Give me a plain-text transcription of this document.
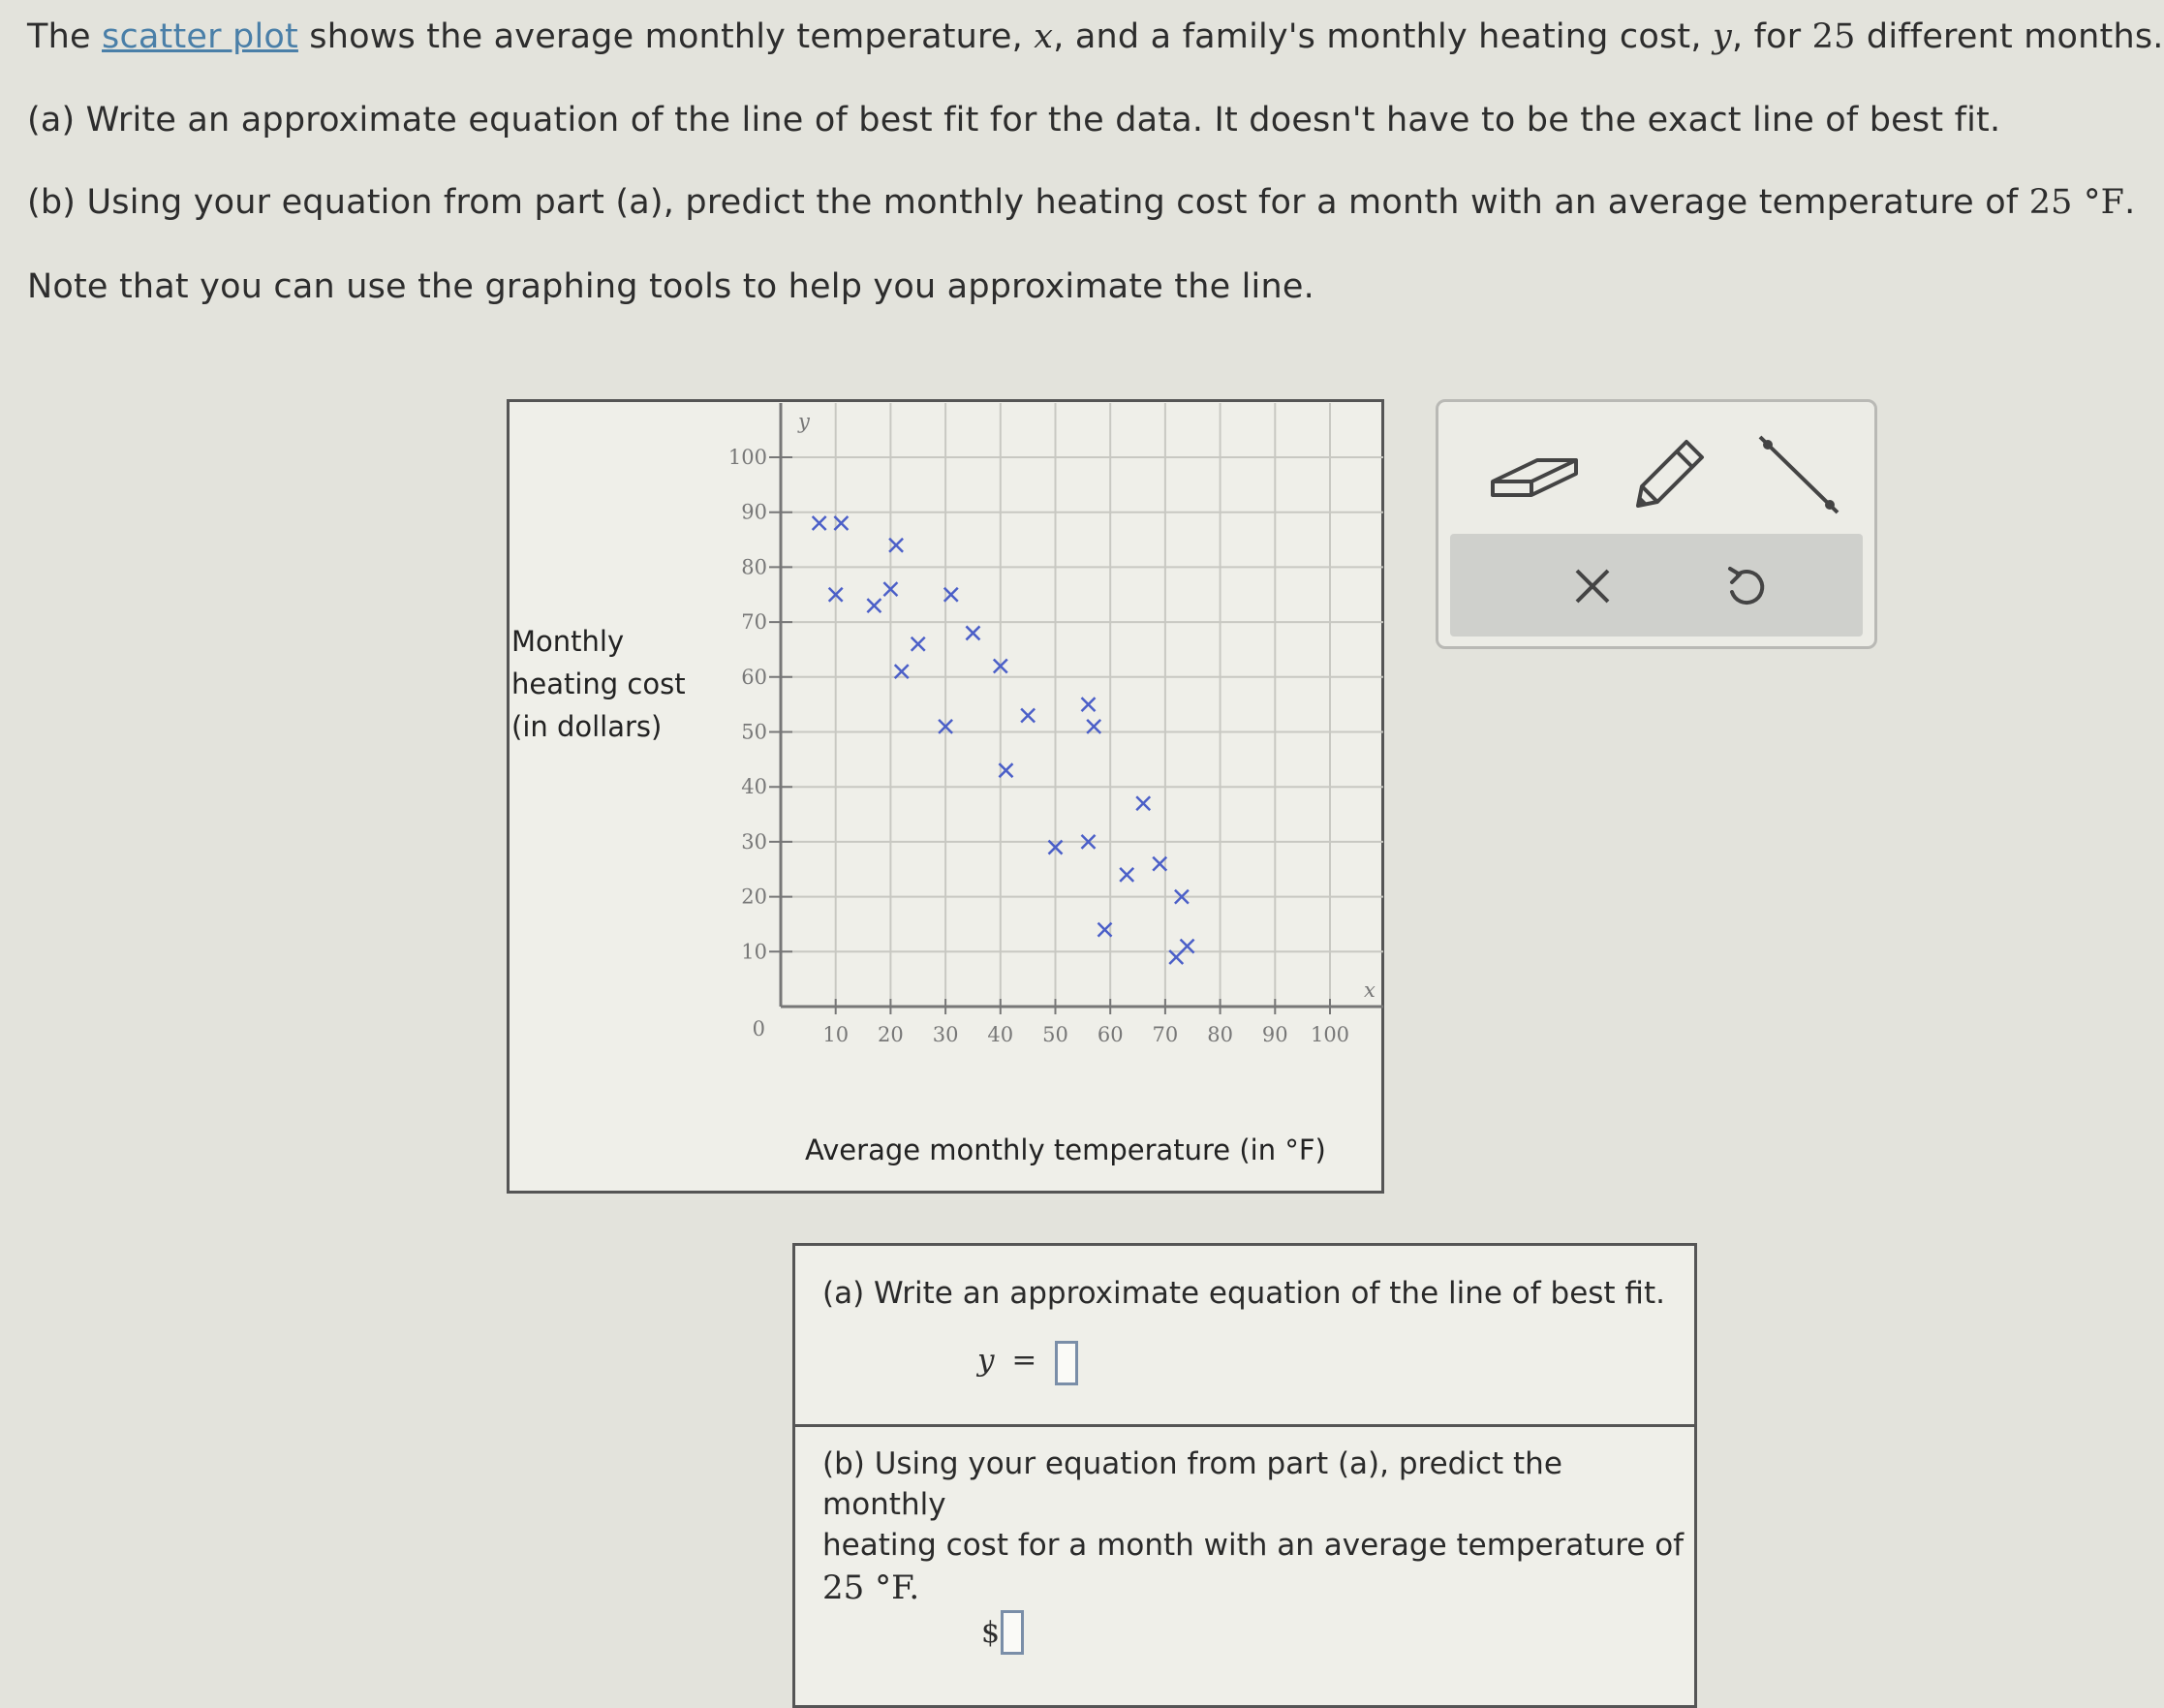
The scatter plot shows the average monthly temperature, x, and a family's monthly heating cost, y, for 25 different months.
(a) Write an approximate equation of the line of best fit for the data. It doesn't have to be the exact line of best fit.
(b) Using your equation from part (a), predict the monthly heating cost for a month with an average temperature of 25 °F.
Note that you can use the graphing tools to help you approximate the line.
Monthly
heating cost
(in dollars)
Average monthly temperature (in °F)
10 20 30 40 50 60 70 80 90 100
10
20
30
40
50
60
70
80
90
100
0
y
x
(a) Write an approximate equation of the line of best fit.
y =
(b) Using your equation from part (a), predict the monthly
heating cost for a month with an average temperature of
25 °F.
$
